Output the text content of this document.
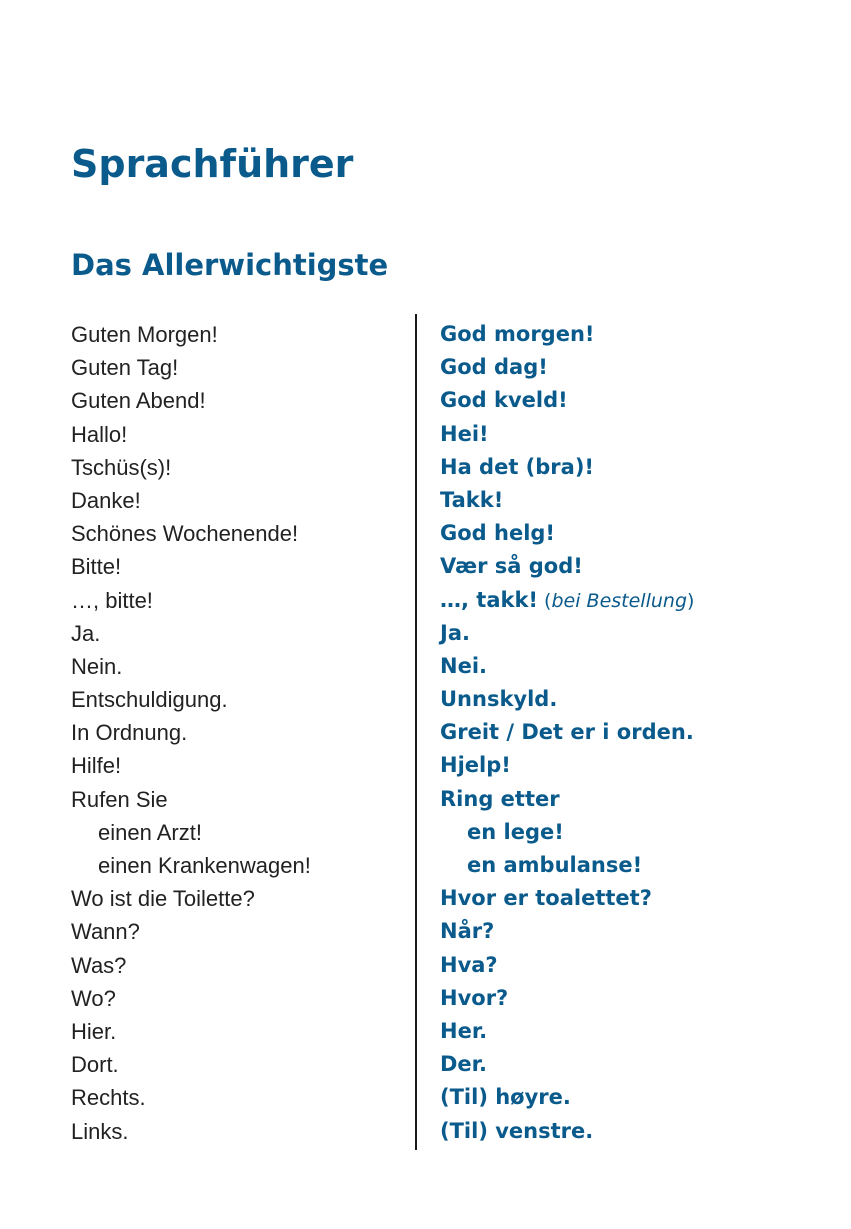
Sprachführer
Das Allerwichtigste
Guten Morgen!
Guten Tag!
Guten Abend!
Hallo!
Tschüs(s)!
Danke!
Schönes Wochenende!
Bitte!
…, bitte!
Ja.
Nein.
Entschuldigung.
In Ordnung.
Hilfe!
Rufen Sie
einen Arzt!
einen Krankenwagen!
Wo ist die Toilette?
Wann?
Was?
Wo?
Hier.
Dort.
Rechts.
Links.
God morgen!
God dag!
God kveld!
Hei!
Ha det (bra)!
Takk!
God helg!
Vær så god!
…, takk! (bei Bestellung)
Ja.
Nei.
Unnskyld.
Greit / Det er i orden.
Hjelp!
Ring etter
en lege!
en ambulanse!
Hvor er toalettet?
Når?
Hva?
Hvor?
Her.
Der.
(Til) høyre.
(Til) venstre.
